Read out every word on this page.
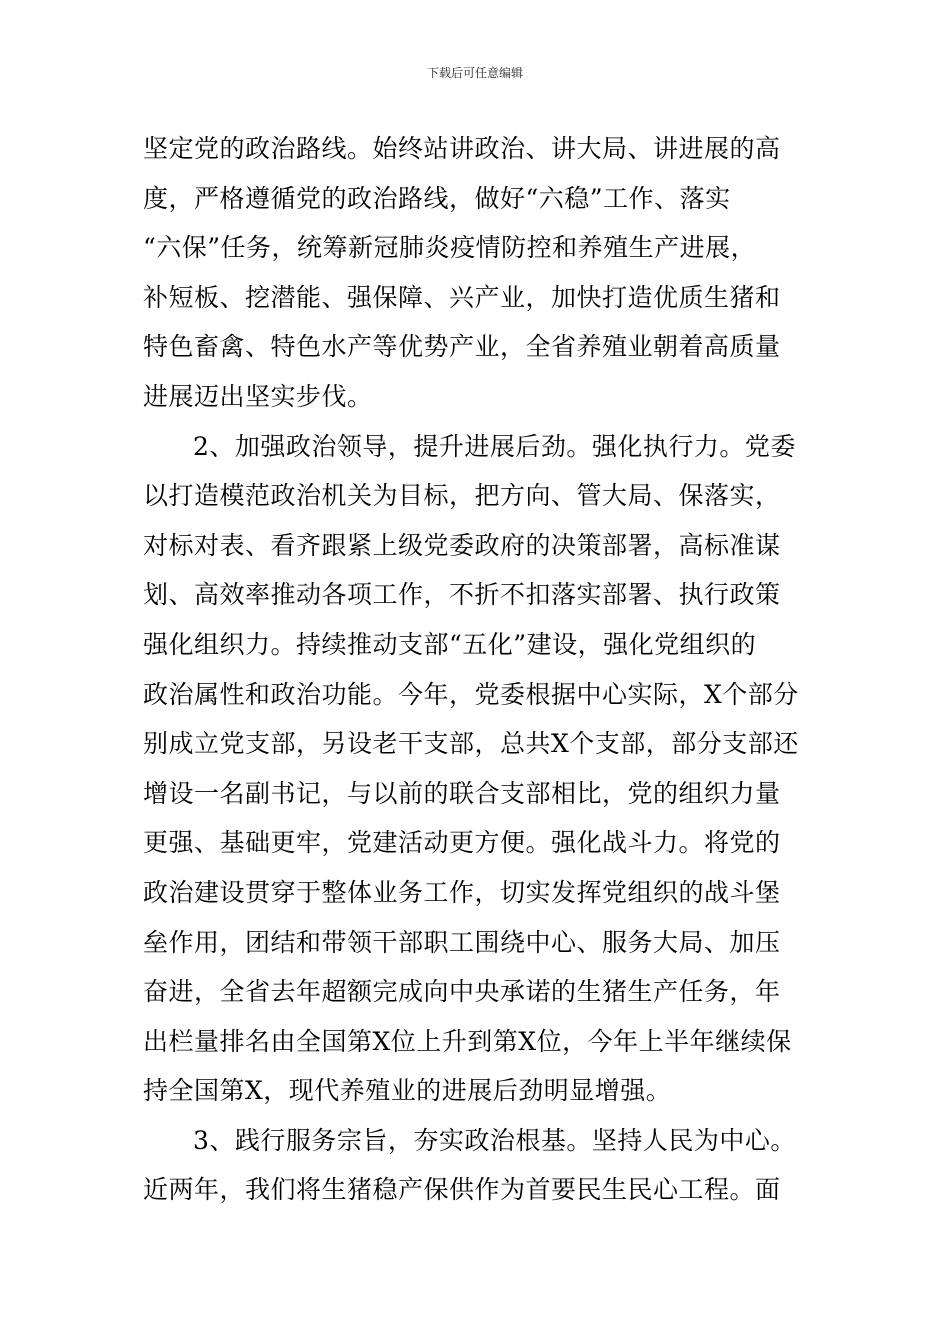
下载后可任意编辑
坚定党的政治路线。始终站讲政治、讲大局、讲进展的高
度，严格遵循党的政治路线，做好“六稳”工作、落实
“六保”任务，统筹新冠肺炎疫情防控和养殖生产进展，
补短板、挖潜能、强保障、兴产业，加快打造优质生猪和
特色畜禽、特色水产等优势产业，全省养殖业朝着高质量
进展迈出坚实步伐。
2、加强政治领导，提升进展后劲。强化执行力。党委
以打造模范政治机关为目标，把方向、管大局、保落实，
对标对表、看齐跟紧上级党委政府的决策部署，高标准谋
划、高效率推动各项工作，不折不扣落实部署、执行政策
强化组织力。持续推动支部“五化”建设，强化党组织的
政治属性和政治功能。今年，党委根据中心实际，X个部分
别成立党支部，另设老干支部，总共X个支部，部分支部还
增设一名副书记，与以前的联合支部相比，党的组织力量
更强、基础更牢，党建活动更方便。强化战斗力。将党的
政治建设贯穿于整体业务工作，切实发挥党组织的战斗堡
垒作用，团结和带领干部职工围绕中心、服务大局、加压
奋进，全省去年超额完成向中央承诺的生猪生产任务，年
出栏量排名由全国第X位上升到第X位，今年上半年继续保
持全国第X，现代养殖业的进展后劲明显增强。
3、践行服务宗旨，夯实政治根基。坚持人民为中心。
近两年，我们将生猪稳产保供作为首要民生民心工程。面
